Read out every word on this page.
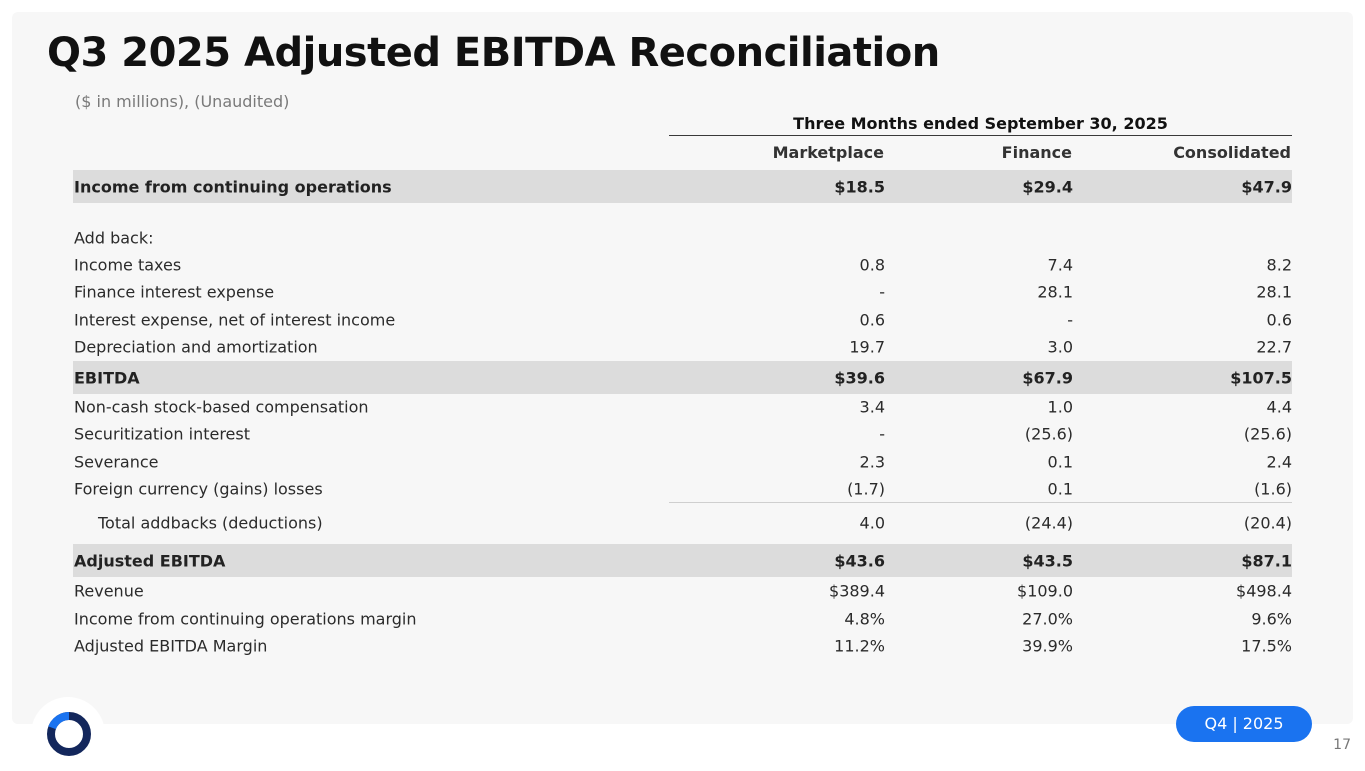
Q3 2025 Adjusted EBITDA Reconciliation
($ in millions), (Unaudited)
Three Months ended September 30, 2025
Marketplace	Finance	Consolidated
Income from continuing operations	$18.5	$29.4	$47.9
Add back:
Income taxes	0.8	7.4	8.2
Finance interest expense	-	28.1	28.1
Interest expense, net of interest income	0.6	-	0.6
Depreciation and amortization	19.7	3.0	22.7
EBITDA	$39.6	$67.9	$107.5
Non-cash stock-based compensation	3.4	1.0	4.4
Securitization interest	-	(25.6)	(25.6)
Severance	2.3	0.1	2.4
Foreign currency (gains) losses	(1.7)	0.1	(1.6)
Total addbacks (deductions)	4.0	(24.4)	(20.4)
Adjusted EBITDA	$43.6	$43.5	$87.1
Revenue	$389.4	$109.0	$498.4
Income from continuing operations margin	4.8%	27.0%	9.6%
Adjusted EBITDA Margin	11.2%	39.9%	17.5%
Q4 | 2025
17
